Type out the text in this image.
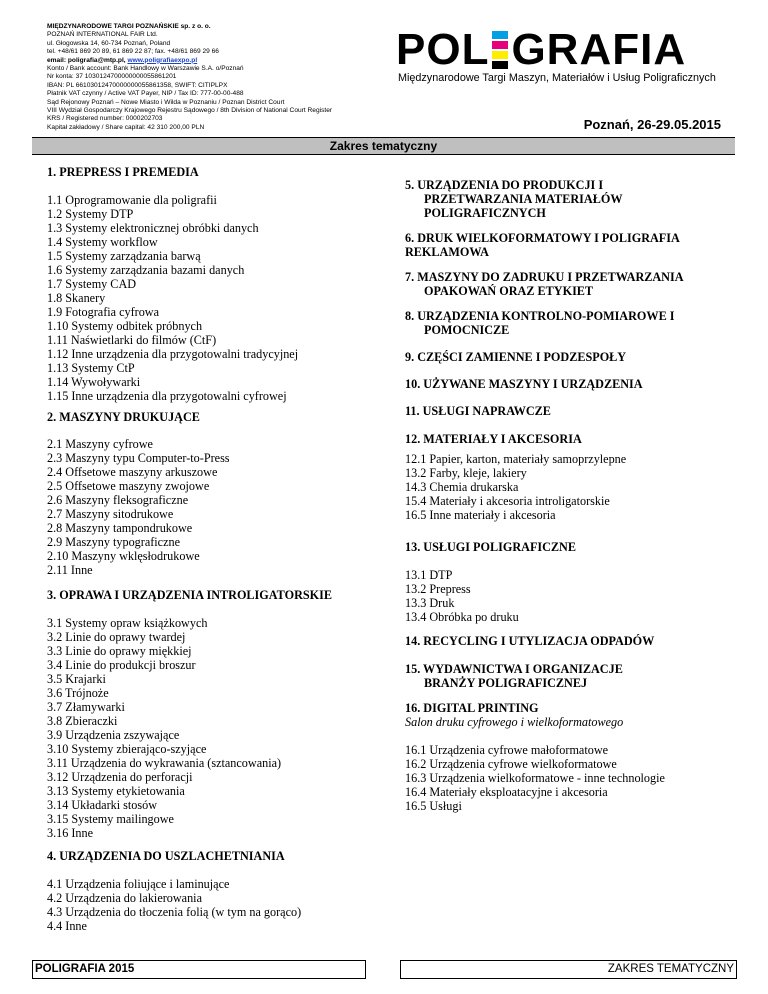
MIĘDZYNARODOWE TARGI POZNAŃSKIE sp. z o. o.
POZNAŃ INTERNATIONAL FAIR Ltd.
ul. Głogowska 14, 60-734 Poznań, Poland
tel. +48/61 869 20 89, 61 869 22 87; fax. +48/61 869 29 66
email: poligrafia@mtp.pl, www.poligrafiaexpo.pl
Konto / Bank account: Bank Handlowy w Warszawie S.A. o/Poznań
Nr konta: 37 1030124700000000055861201
IBAN: PL 66103012470000000055861358, SWIFT: CITIPLPX
Płatnik VAT czynny / Active VAT Payer, NIP / Tax ID: 777-00-00-488
Sąd Rejonowy Poznań – Nowe Miasto i Wilda w Poznaniu / Poznan District Court
VIII Wydział Gospodarczy Krajowego Rejestru Sądowego / 8th Division of National Court Register
KRS / Registered number: 0000202703
Kapitał zakładowy / Share capital: 42 310 200,00 PLN
POL GRAFIA
Międzynarodowe Targi Maszyn, Materiałów i Usług Poligraficznych
Poznań, 26-29.05.2015
Zakres tematyczny
1. PREPRESS I PREMEDIA
1.1 Oprogramowanie dla poligrafii
1.2 Systemy DTP
1.3 Systemy elektronicznej obróbki danych
1.4 Systemy workflow
1.5 Systemy zarządzania barwą
1.6 Systemy zarządzania bazami danych
1.7 Systemy CAD
1.8 Skanery
1.9 Fotografia cyfrowa
1.10 Systemy odbitek próbnych
1.11 Naświetlarki do filmów (CtF)
1.12 Inne urządzenia dla przygotowalni tradycyjnej
1.13 Systemy CtP
1.14 Wywoływarki
1.15 Inne urządzenia dla przygotowalni cyfrowej
2. MASZYNY DRUKUJĄCE
2.1 Maszyny cyfrowe
2.3 Maszyny typu Computer-to-Press
2.4 Offsetowe maszyny arkuszowe
2.5 Offsetowe maszyny zwojowe
2.6 Maszyny fleksograficzne
2.7 Maszyny sitodrukowe
2.8 Maszyny tampondrukowe
2.9 Maszyny typograficzne
2.10 Maszyny wklęsłodrukowe
2.11 Inne
3. OPRAWA I URZĄDZENIA INTROLIGATORSKIE
3.1 Systemy opraw książkowych
3.2 Linie do oprawy twardej
3.3 Linie do oprawy miękkiej
3.4 Linie do produkcji broszur
3.5 Krajarki
3.6 Trójnoże
3.7 Złamywarki
3.8 Zbieraczki
3.9 Urządzenia zszywające
3.10 Systemy zbierająco-szyjące
3.11 Urządzenia do wykrawania (sztancowania)
3.12 Urządzenia do perforacji
3.13 Systemy etykietowania
3.14 Układarki stosów
3.15 Systemy mailingowe
3.16 Inne
4. URZĄDZENIA DO USZLACHETNIANIA
4.1 Urządzenia foliujące i laminujące
4.2 Urządzenia do lakierowania
4.3 Urządzenia do tłoczenia folią (w tym na gorąco)
4.4 Inne
5. URZĄDZENIA DO PRODUKCJI I
PRZETWARZANIA MATERIAŁÓW
POLIGRAFICZNYCH
6. DRUK WIELKOFORMATOWY I POLIGRAFIA
REKLAMOWA
7. MASZYNY DO ZADRUKU I PRZETWARZANIA
OPAKOWAŃ ORAZ ETYKIET
8. URZĄDZENIA KONTROLNO-POMIAROWE I
POMOCNICZE
9. CZĘŚCI ZAMIENNE I PODZESPOŁY
10. UŻYWANE MASZYNY I URZĄDZENIA
11. USŁUGI NAPRAWCZE
12. MATERIAŁY I AKCESORIA
12.1 Papier, karton, materiały samoprzylepne
13.2 Farby, kleje, lakiery
14.3 Chemia drukarska
15.4 Materiały i akcesoria introligatorskie
16.5 Inne materiały i akcesoria
13. USŁUGI POLIGRAFICZNE
13.1 DTP
13.2 Prepress
13.3 Druk
13.4 Obróbka po druku
14. RECYCLING I UTYLIZACJA ODPADÓW
15. WYDAWNICTWA I ORGANIZACJE
BRANŻY POLIGRAFICZNEJ
16. DIGITAL PRINTING
Salon druku cyfrowego i wielkoformatowego
16.1 Urządzenia cyfrowe małoformatowe
16.2 Urządzenia cyfrowe wielkoformatowe
16.3 Urządzenia wielkoformatowe - inne technologie
16.4 Materiały eksploatacyjne i akcesoria
16.5 Usługi
POLIGRAFIA 2015	ZAKRES TEMATYCZNY
